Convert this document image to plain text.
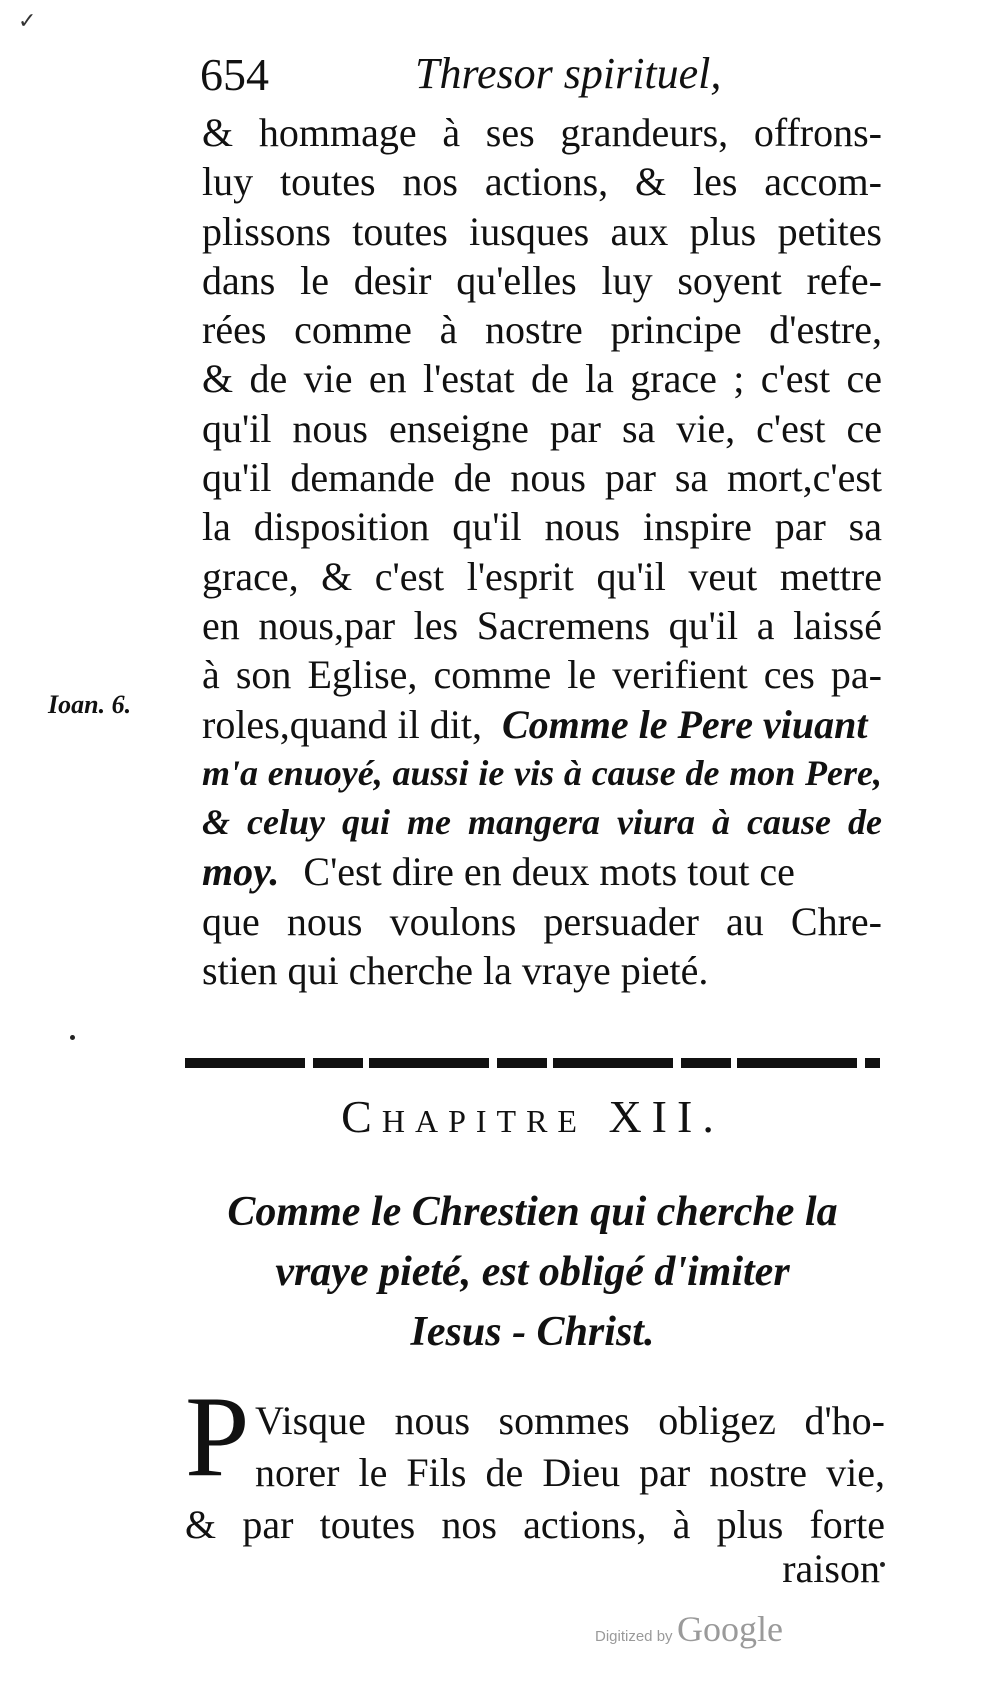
✓
654	Thresor spirituel,
Ioan. 6.
& hommage à ses grandeurs, offrons-
luy toutes nos actions, & les accom-
plissons toutes iusques aux plus petites
dans le desir qu'elles luy soyent refe-
rées comme à nostre principe d'estre,
& de vie en l'estat de la grace ; c'est ce
qu'il nous enseigne par sa vie, c'est ce
qu'il demande de nous par sa mort,c'est
la disposition qu'il nous inspire par sa
grace, & c'est l'esprit qu'il veut mettre
en nous,par les Sacremens qu'il a laissé
à son Eglise, comme le verifient ces pa-
roles,quand il dit, Comme le Pere viuant
m'a enuoyé, aussi ie vis à cause de mon Pere,
& celuy qui me mangera viura à cause de
moy. C'est dire en deux mots tout ce
que nous voulons persuader au Chre-
stien qui cherche la vraye pieté.
Chapitre XII.
Comme le Chrestien qui cherche la
vraye pieté, est obligé d'imiter
Iesus - Christ.
P Visque nous sommes obligez d'ho-
norer le Fils de Dieu par nostre vie,
& par toutes nos actions, à plus forte
raison
Digitized by Google
